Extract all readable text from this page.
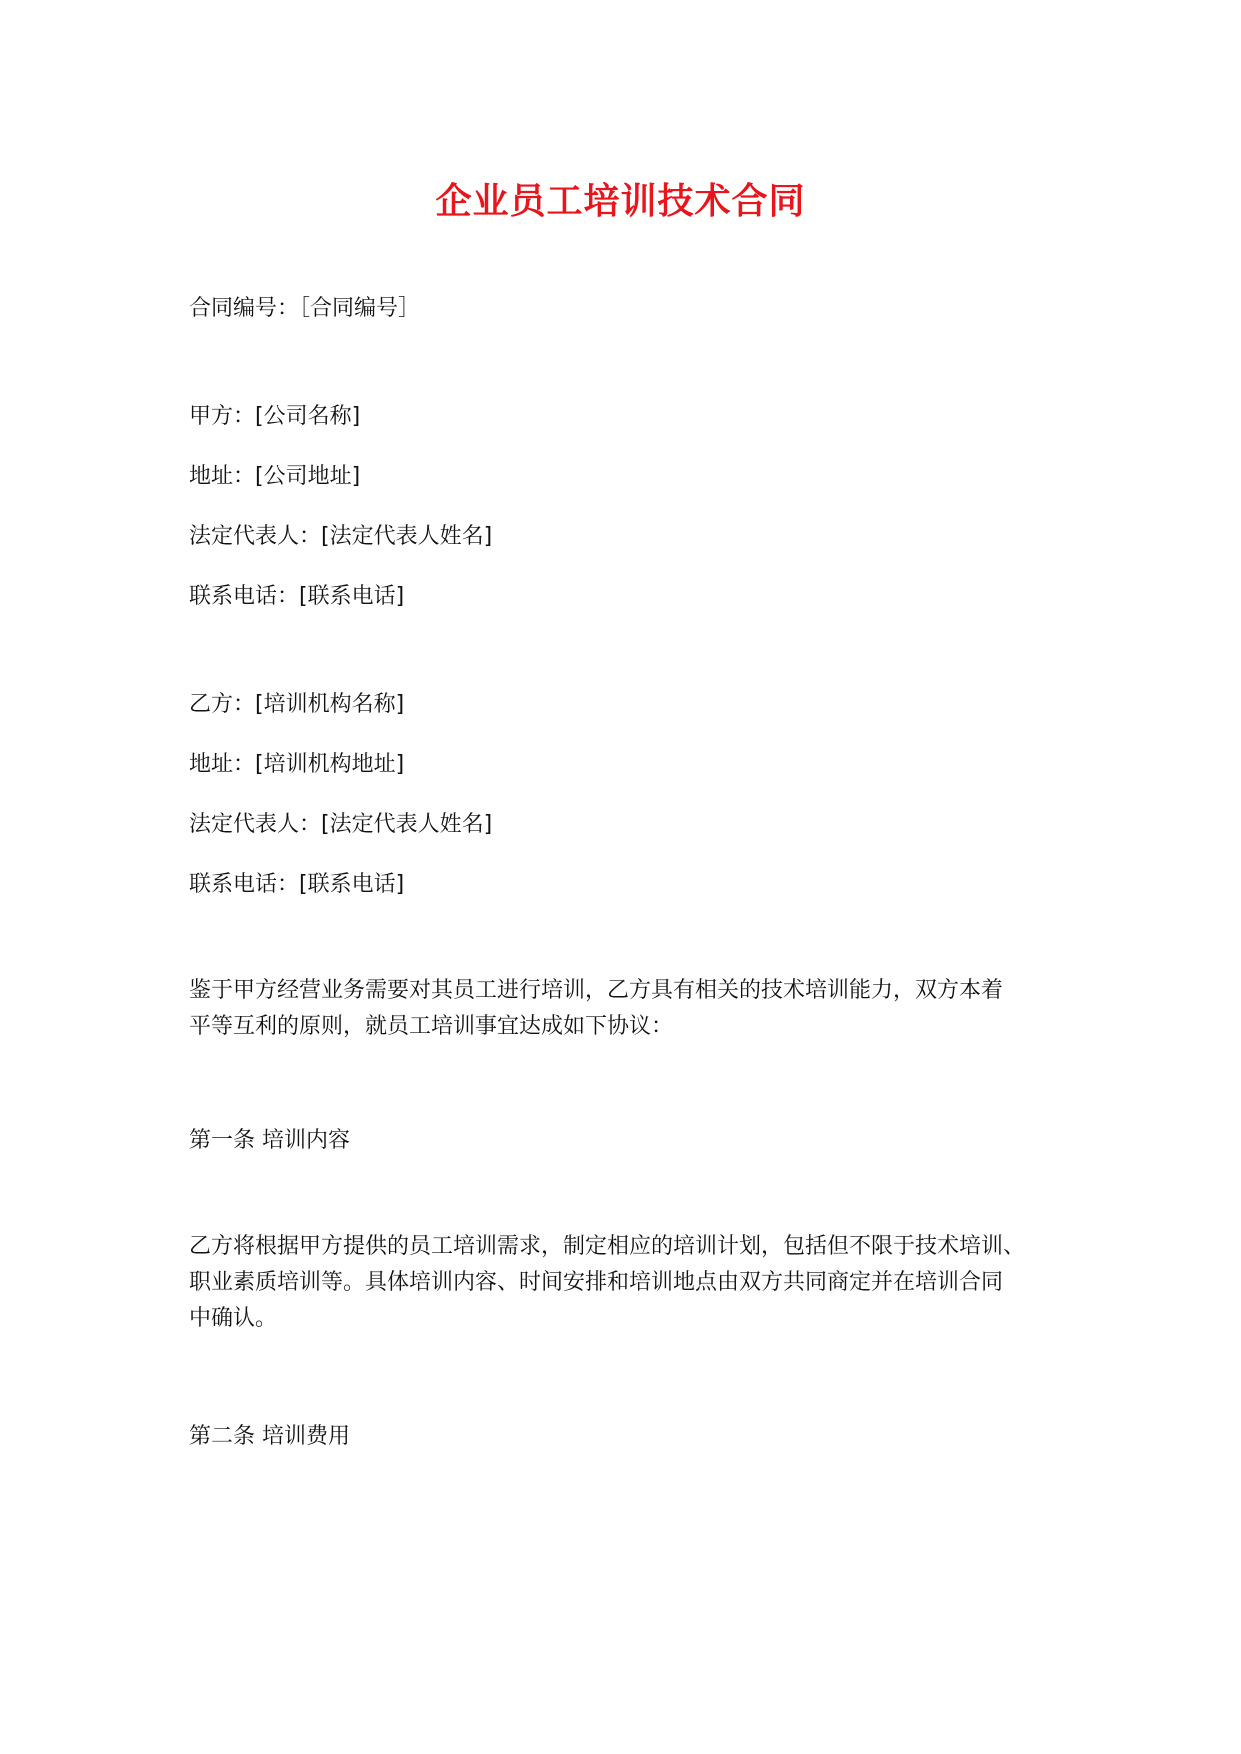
企业员工培训技术合同
合同编号：［合同编号］
甲方：[公司名称]
地址：[公司地址]
法定代表人：[法定代表人姓名]
联系电话：[联系电话]
乙方：[培训机构名称]
地址：[培训机构地址]
法定代表人：[法定代表人姓名]
联系电话：[联系电话]
鉴于甲方经营业务需要对其员工进行培训，乙方具有相关的技术培训能力，双方本着
平等互利的原则，就员工培训事宜达成如下协议：
第一条 培训内容
乙方将根据甲方提供的员工培训需求，制定相应的培训计划，包括但不限于技术培训、
职业素质培训等。具体培训内容、时间安排和培训地点由双方共同商定并在培训合同
中确认。
第二条 培训费用
